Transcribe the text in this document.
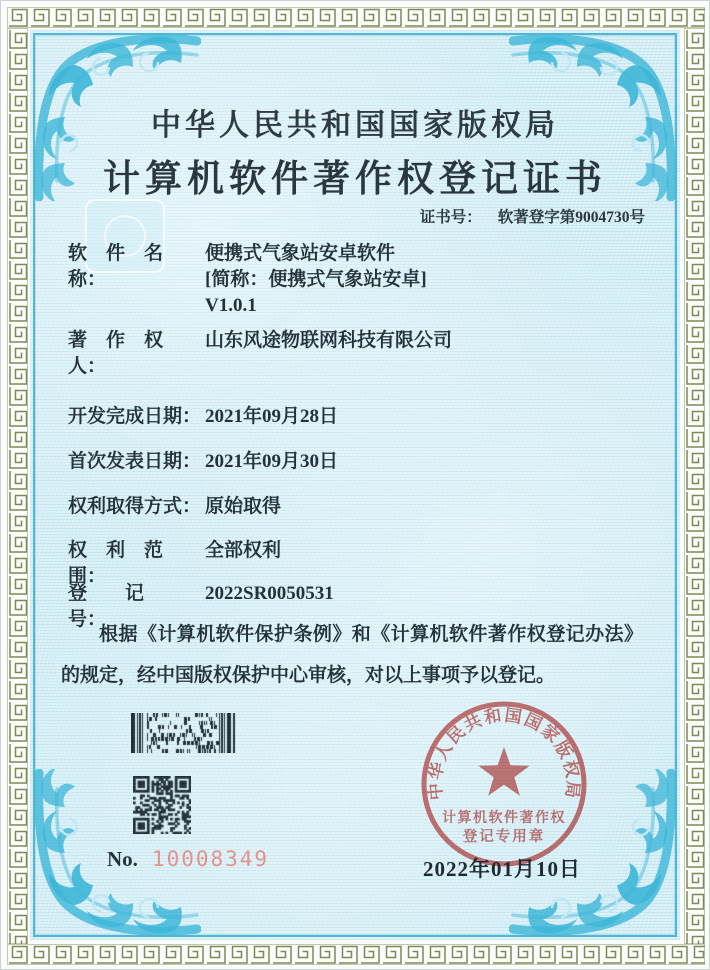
中华人民共和国国家版权局
计算机软件著作权登记证书
证书号： 软著登字第9004730号
软　件　名　称：
便携式气象站安卓软件
[简称：便携式气象站安卓]
V1.0.1
著　作　权　人：山东风途物联网科技有限公司
开发完成日期： 2021年09月28日
首次发表日期： 2021年09月30日
权利取得方式： 原始取得
权　利　范　围：全部权利
登　　记　　号：2022SR0050531
根据《计算机软件保护条例》和《计算机软件著作权登记办法》的规定，经中国版权保护中心审核，对以上事项予以登记。
No. 10008349
中华人民共和国国家版权局
计算机软件著作权
登记专用章
2022年01月10日
